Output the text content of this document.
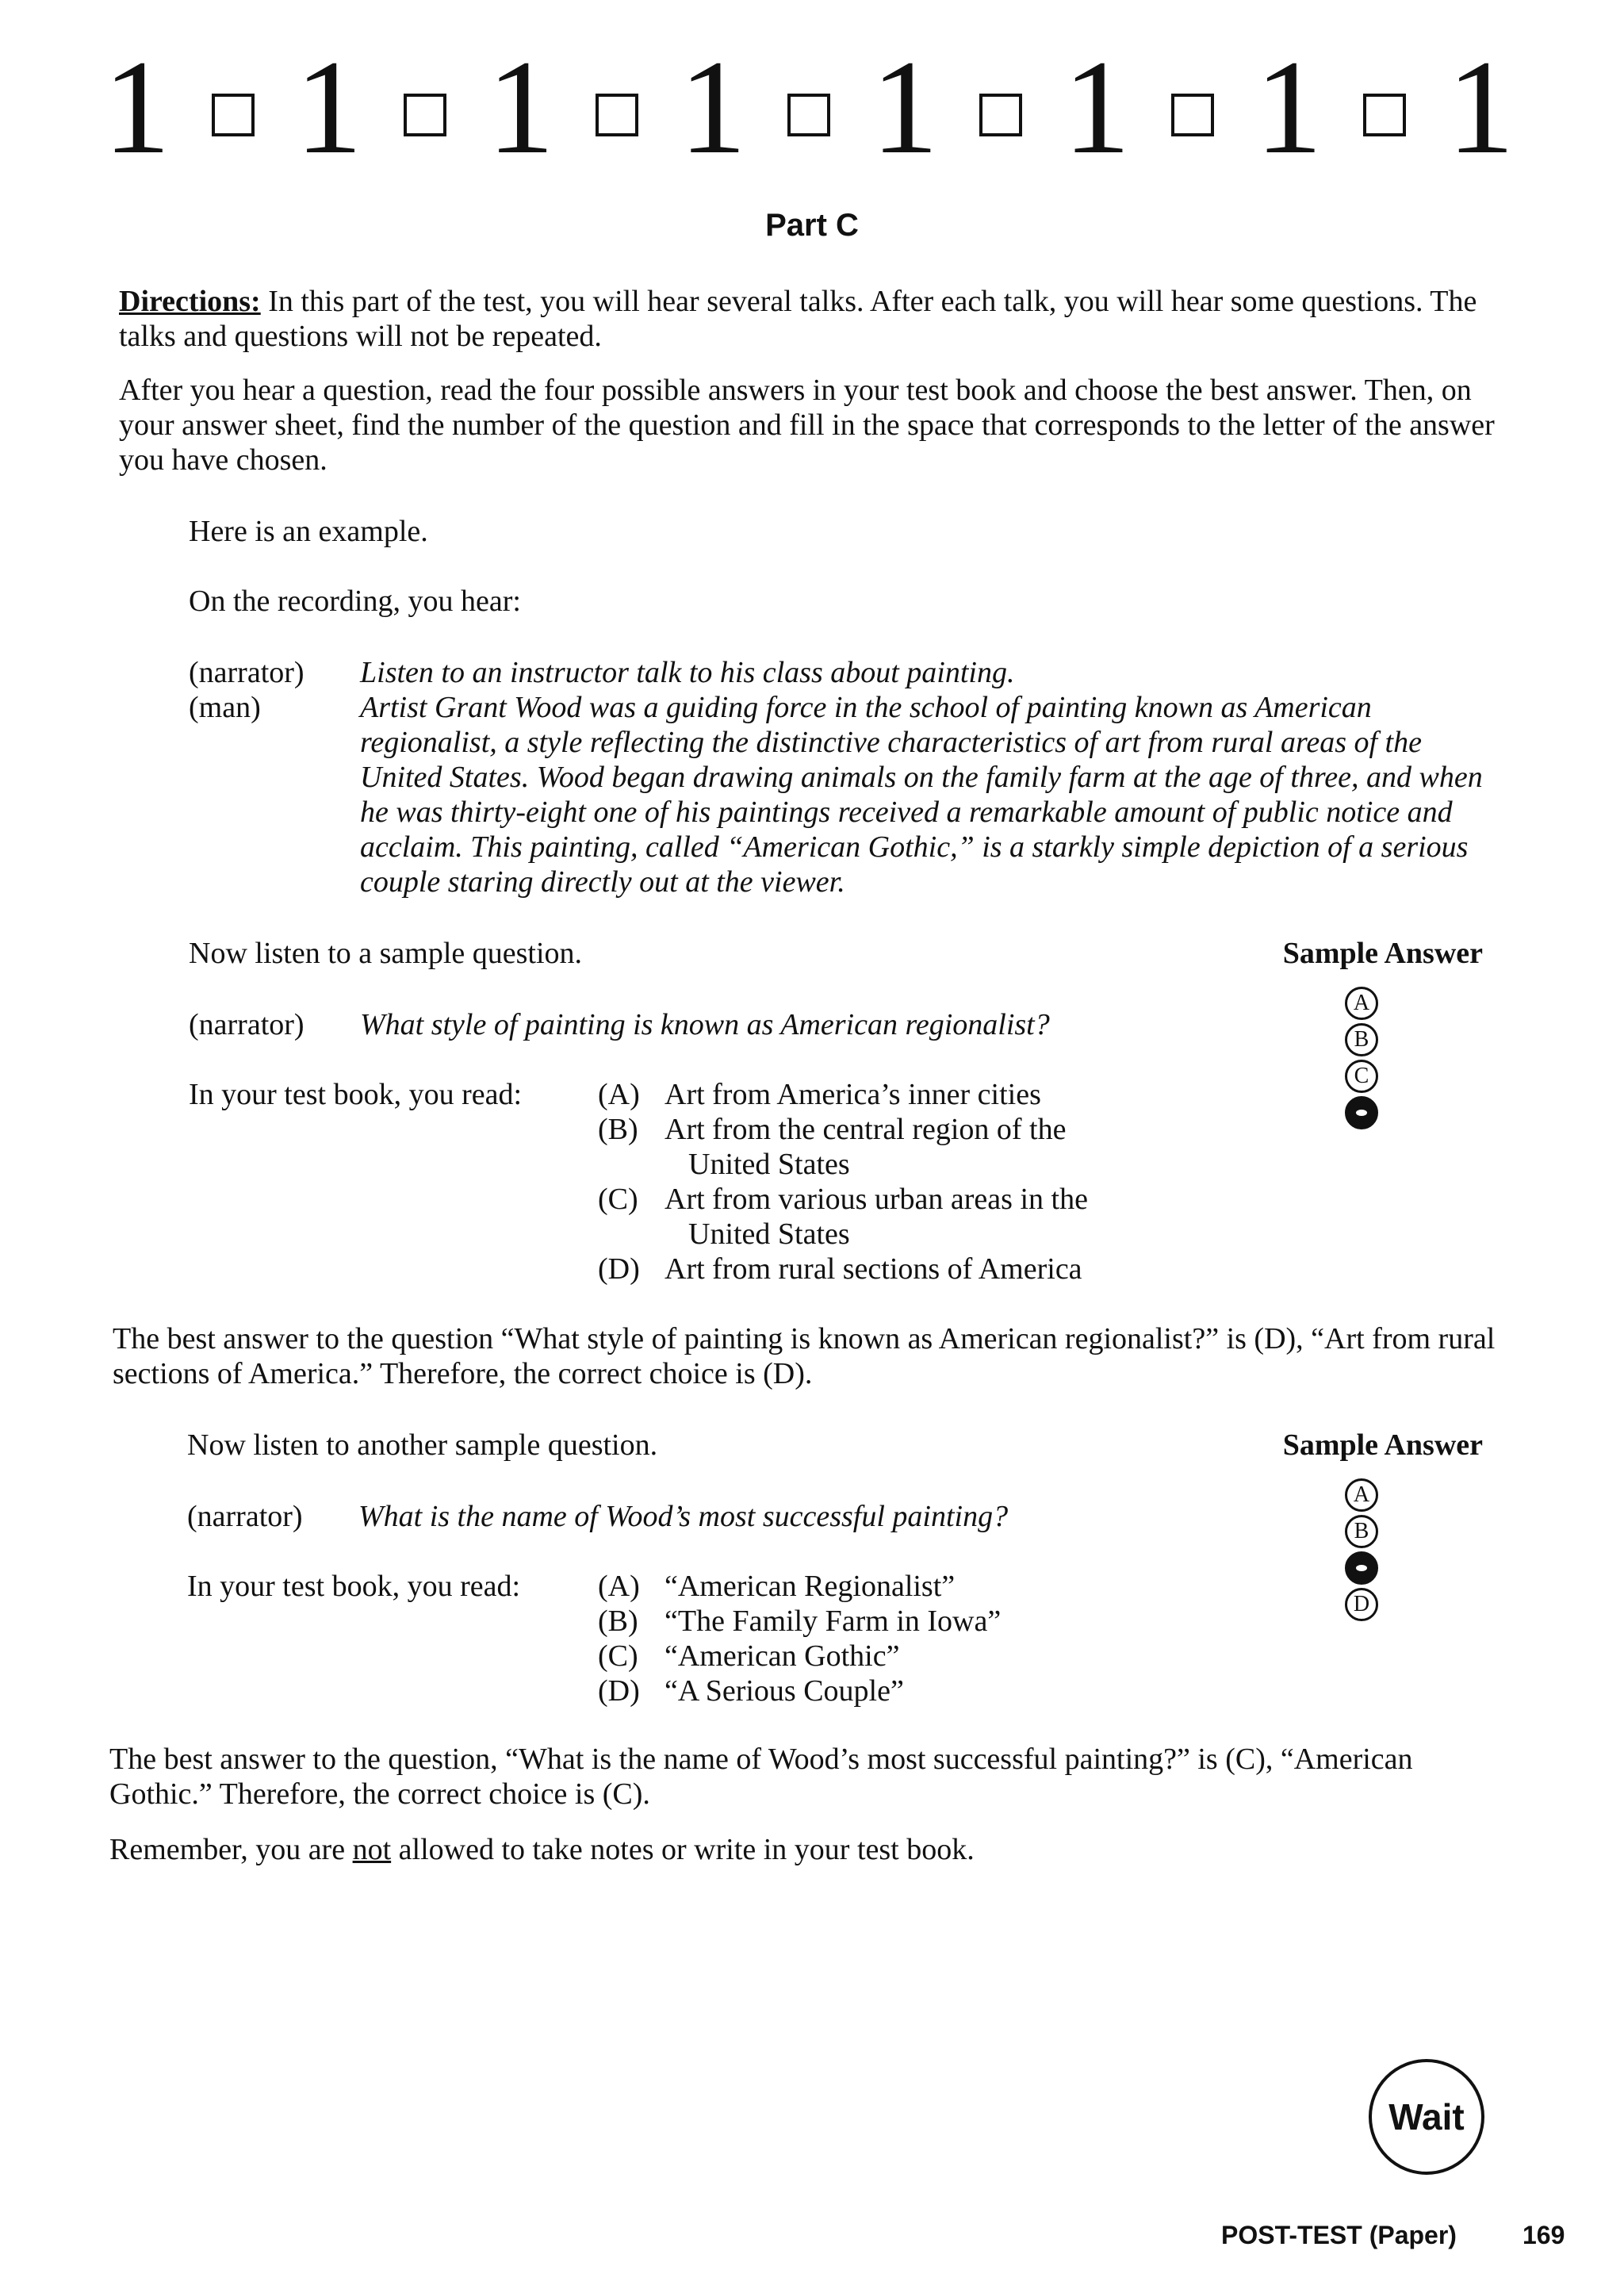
1 1 1 1 1 1 1 1
Part C
Directions: In this part of the test, you will hear several talks. After each talk, you will hear some questions. The talks and questions will not be repeated.
After you hear a question, read the four possible answers in your test book and choose the best answer. Then, on your answer sheet, find the number of the question and fill in the space that corresponds to the letter of the answer you have chosen.
Here is an example.
On the recording, you hear:
(narrator)	Listen to an instructor talk to his class about painting.
(man)	Artist Grant Wood was a guiding force in the school of painting known as American regionalist, a style reflecting the distinctive characteristics of art from rural areas of the United States. Wood began drawing animals on the family farm at the age of three, and when he was thirty-eight one of his paintings received a remarkable amount of public notice and acclaim. This painting, called “American Gothic,” is a starkly simple depiction of a serious couple staring directly out at the viewer.
Now listen to a sample question.	Sample Answer
(narrator)	What style of painting is known as American regionalist?
In your test book, you read:	(A) Art from America’s inner cities
(B) Art from the central region of the
United States
(C) Art from various urban areas in the
United States
(D) Art from rural sections of America
A
B
C
The best answer to the question “What style of painting is known as American regionalist?” is (D), “Art from rural sections of America.” Therefore, the correct choice is (D).
Now listen to another sample question.	Sample Answer
(narrator)	What is the name of Wood’s most successful painting?
In your test book, you read:	(A) “American Regionalist”
(B) “The Family Farm in Iowa”
(C) “American Gothic”
(D) “A Serious Couple”
A
B
D
The best answer to the question, “What is the name of Wood’s most successful painting?” is (C), “American Gothic.” Therefore, the correct choice is (C).
Remember, you are not allowed to take notes or write in your test book.
Wait
POST-TEST (Paper)	169
